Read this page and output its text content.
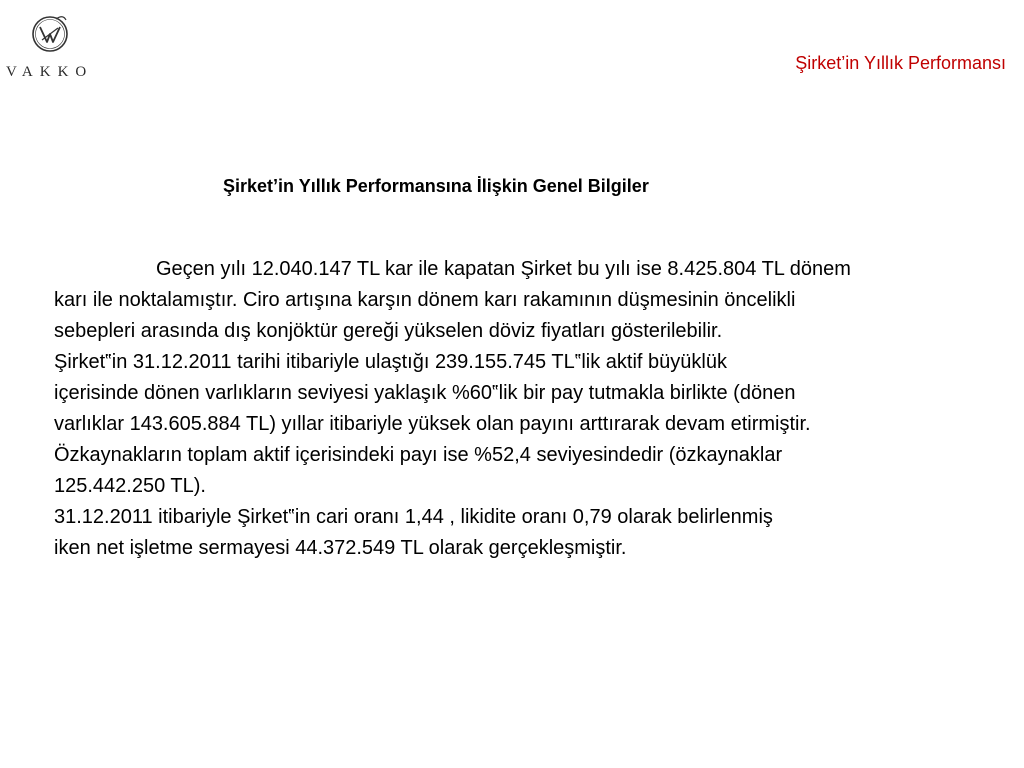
VAKKO	Şirket’in Yıllık Performansı
Şirket’in Yıllık Performansına İlişkin Genel Bilgiler

Geçen yılı 12.040.147 TL kar ile kapatan Şirket bu yılı ise 8.425.804 TL dönem

karı ile noktalamıştır. Ciro artışına karşın dönem karı rakamının düşmesinin öncelikli

sebepleri arasında dış konjöktür gereği yükselen döviz fiyatları gösterilebilir.

Şirket‟in 31.12.2011 tarihi itibariyle ulaştığı 239.155.745 TL‟lik aktif büyüklük

içerisinde dönen varlıkların seviyesi yaklaşık %60‟lik bir pay tutmakla birlikte (dönen

varlıklar 143.605.884 TL) yıllar itibariyle yüksek olan payını arttırarak devam etirmiştir.

Özkaynakların toplam aktif içerisindeki payı ise %52,4 seviyesindedir (özkaynaklar

125.442.250 TL).

31.12.2011 itibariyle Şirket‟in cari oranı 1,44 , likidite oranı 0,79 olarak belirlenmiş

iken net işletme sermayesi 44.372.549 TL olarak gerçekleşmiştir.
